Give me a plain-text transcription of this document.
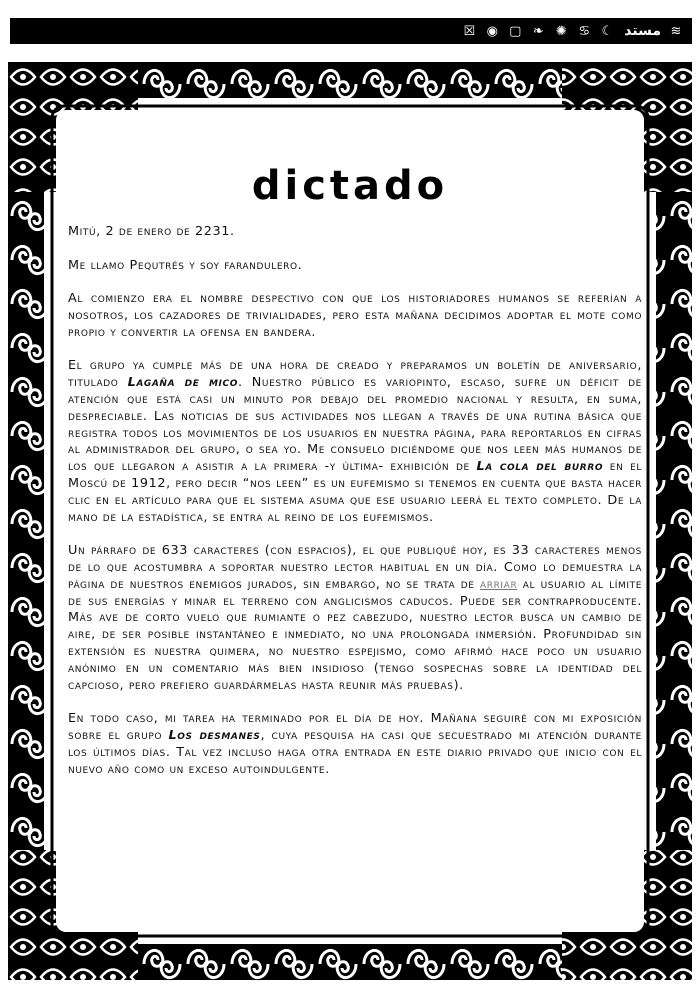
☒ ◉ ▢ ❧ ✺ ♋ ☾ مستد ≋
dictado

Mitú, 2 de enero de 2231.

Me llamo Pequtrés y soy farandulero.

Al comienzo era el nombre despectivo con que los historiadores humanos se referían a nosotros, los cazadores de trivialidades, pero esta mañana decidimos adoptar el mote como propio y convertir la ofensa en bandera.

El grupo ya cumple más de una hora de creado y preparamos un boletín de aniversario, titulado Lagaña de mico. Nuestro público es variopinto, escaso, sufre un déficit de atención que está casi un minuto por debajo del promedio nacional y resulta, en suma, despreciable. Las noticias de sus actividades nos llegan a través de una rutina básica que registra todos los movimientos de los usuarios en nuestra página, para reportarlos en cifras al administrador del grupo, o sea yo. Me consuelo diciéndome que nos leen más humanos de los que llegaron a asistir a la primera -y última- exhibición de La cola del burro en el Moscú de 1912, pero decir “nos leen” es un eufemismo si tenemos en cuenta que basta hacer clic en el artículo para que el sistema asuma que ese usuario leerá el texto completo. De la mano de la estadística, se entra al reino de los eufemismos.

Un párrafo de 633 caracteres (con espacios), el que publiqué hoy, es 33 caracteres menos de lo que acostumbra a soportar nuestro lector habitual en un día. Como lo demuestra la página de nuestros enemigos jurados, sin embargo, no se trata de arriar al usuario al límite de sus energías y minar el terreno con anglicismos caducos. Puede ser contraproducente. Más ave de corto vuelo que rumiante o pez cabezudo, nuestro lector busca un cambio de aire, de ser posible instantáneo e inmediato, no una prolongada inmersión. Profundidad sin extensión es nuestra quimera, no nuestro espejismo, como afirmó hace poco un usuario anónimo en un comentario más bien insidioso (tengo sospechas sobre la identidad del capcioso, pero prefiero guardármelas hasta reunir más pruebas).

En todo caso, mi tarea ha terminado por el día de hoy. Mañana seguiré con mi exposición sobre el grupo Los desmanes, cuya pesquisa ha casi que secuestrado mi atención durante los últimos días. Tal vez incluso haga otra entrada en este diario privado que inicio con el nuevo año como un exceso autoindulgente.
